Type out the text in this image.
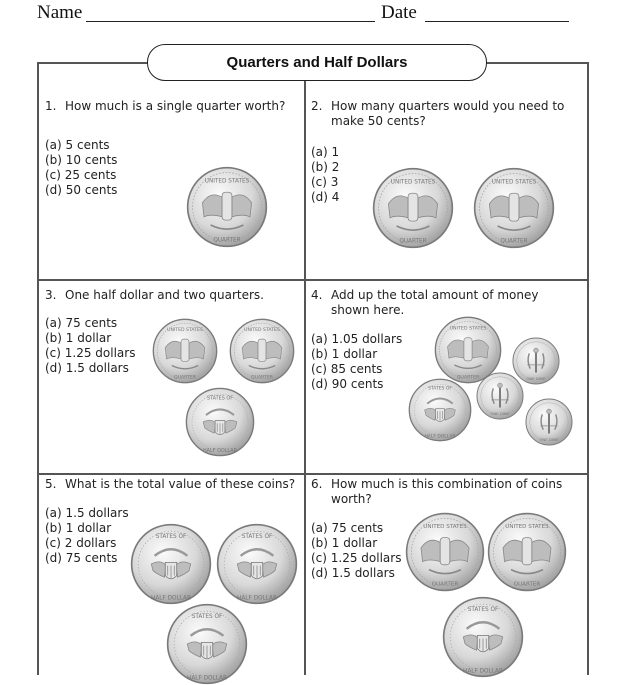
Name	Date
Quarters and Half Dollars
1. How much is a single quarter worth?
(a) 5 cents
(b) 10 cents
(c) 25 cents
(d) 50 cents
2. How many quarters would you need to
make 50 cents?
(a) 1
(b) 2
(c) 3
(d) 4
3. One half dollar and two quarters.
(a) 75 cents
(b) 1 dollar
(c) 1.25 dollars
(d) 1.5 dollars
4. Add up the total amount of money
shown here.
(a) 1.05 dollars
(b) 1 dollar
(c) 85 cents
(d) 90 cents
5. What is the total value of these coins?
(a) 1.5 dollars
(b) 1 dollar
(c) 2 dollars
(d) 75 cents
6. How much is this combination of coins
worth?
(a) 75 cents
(b) 1 dollar
(c) 1.25 dollars
(d) 1.5 dollars
